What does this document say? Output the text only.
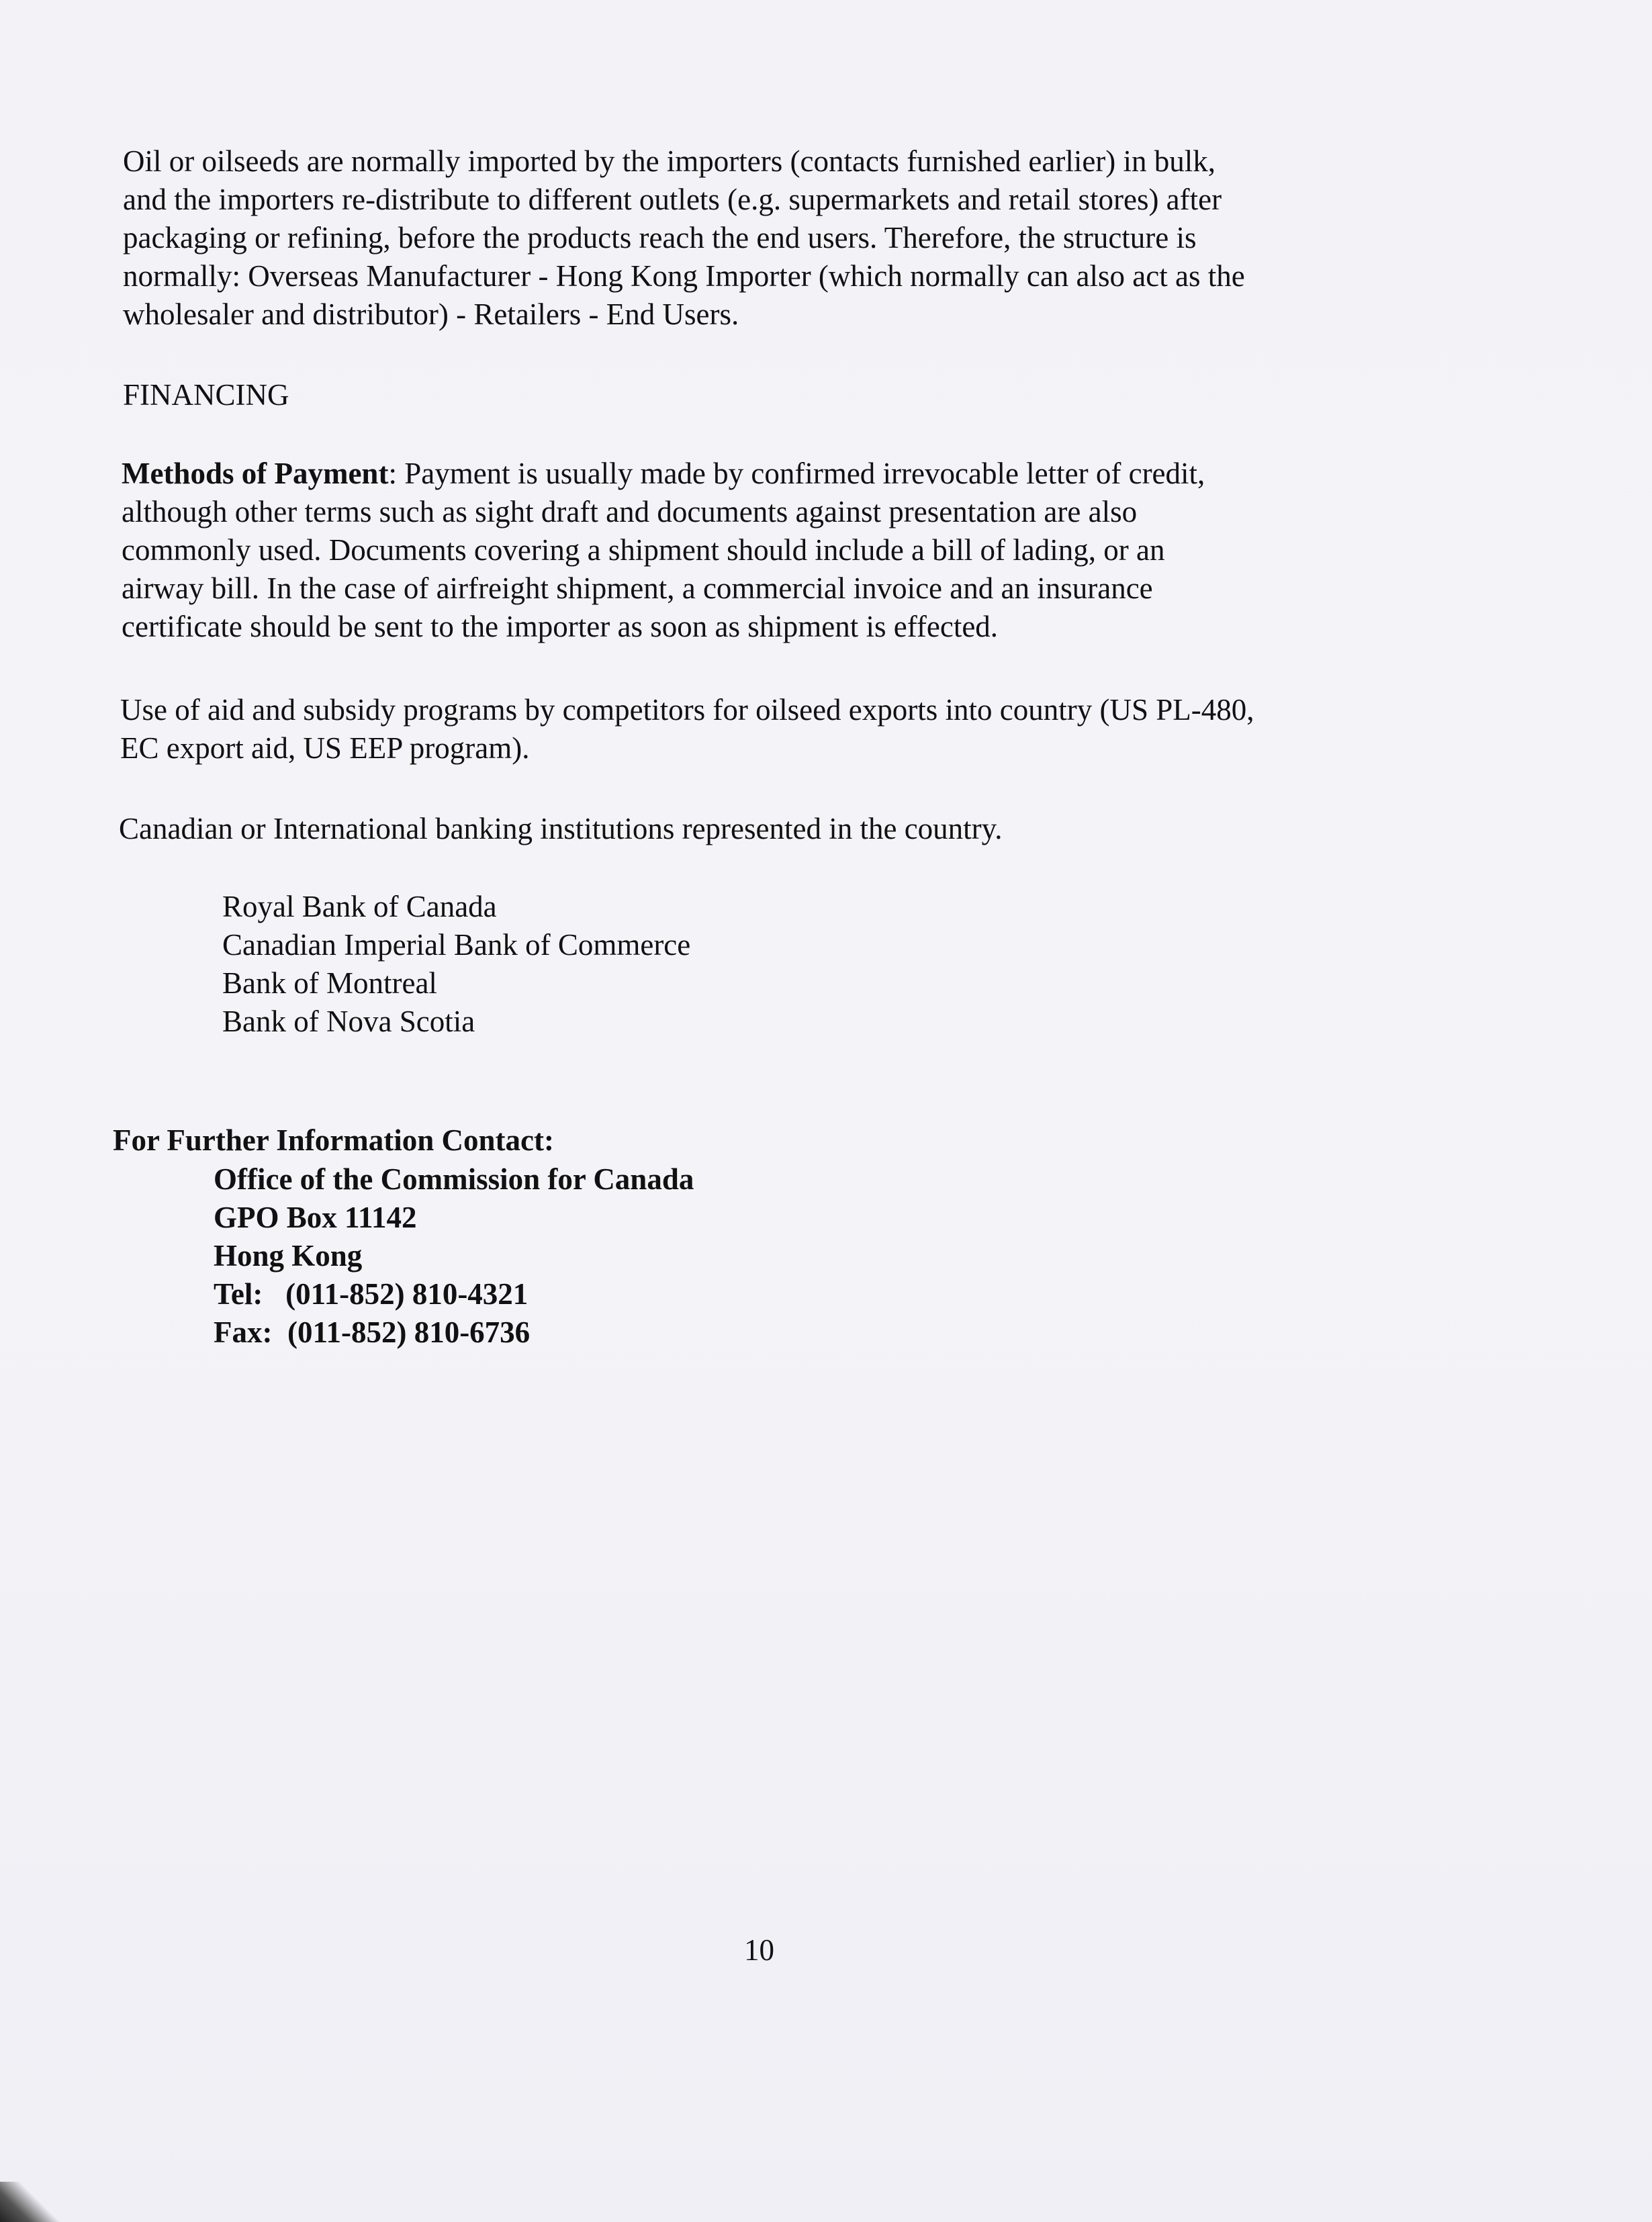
Oil or oilseeds are normally imported by the importers (contacts furnished earlier) in bulk,
and the importers re-distribute to different outlets (e.g. supermarkets and retail stores) after
packaging or refining, before the products reach the end users. Therefore, the structure is
normally: Overseas Manufacturer - Hong Kong Importer (which normally can also act as the
wholesaler and distributor) - Retailers - End Users.

FINANCING

Methods of Payment: Payment is usually made by confirmed irrevocable letter of credit,
although other terms such as sight draft and documents against presentation are also
commonly used. Documents covering a shipment should include a bill of lading, or an
airway bill. In the case of airfreight shipment, a commercial invoice and an insurance
certificate should be sent to the importer as soon as shipment is effected.

Use of aid and subsidy programs by competitors for oilseed exports into country (US PL-480,
EC export aid, US EEP program).

Canadian or International banking institutions represented in the country.

Royal Bank of Canada
Canadian Imperial Bank of Commerce
Bank of Montreal
Bank of Nova Scotia
For Further Information Contact:
Office of the Commission for Canada
GPO Box 11142
Hong Kong
Tel:   (011-852) 810-4321
Fax:  (011-852) 810-6736
10
